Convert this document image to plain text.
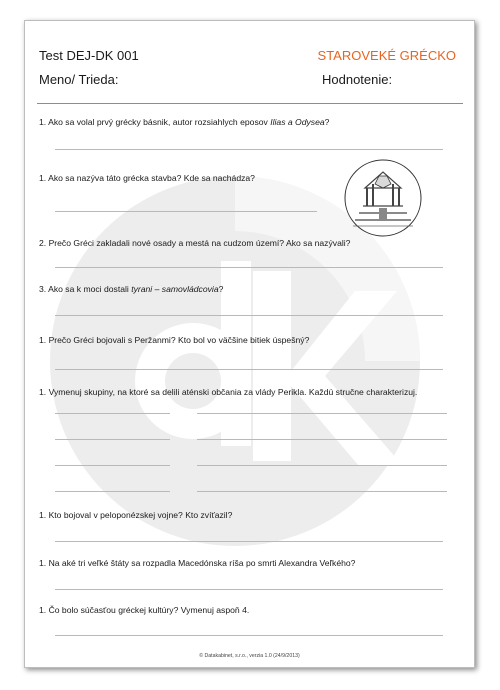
Test DEJ-DK 001	STAROVEKÉ GRÉCKO
Meno/ Trieda:	Hodnotenie:
1. Ako sa volal prvý grécky básnik, autor rozsiahlych eposov Ilias a Odysea?
1. Ako sa nazýva táto grécka stavba? Kde sa nachádza?
2. Prečo Gréci zakladali nové osady a mestá na cudzom území? Ako sa nazývali?
3. Ako sa k moci dostali tyrani – samovládcovia?
1. Prečo Gréci bojovali s Peržanmi? Kto bol vo väčšine bitiek úspešný?
1. Vymenuj skupiny, na ktoré sa delili aténski občania za vlády Perikla. Každú stručne charakterizuj.
1. Kto bojoval v peloponézskej vojne? Kto zvíťazil?
1. Na aké tri veľké štáty sa rozpadla Macedónska ríša po smrti Alexandra Veľkého?
1. Čo bolo súčasťou gréckej kultúry? Vymenuj aspoň 4.
© Datakabinet, s.r.o., verzia 1.0 (24/9/2013)
